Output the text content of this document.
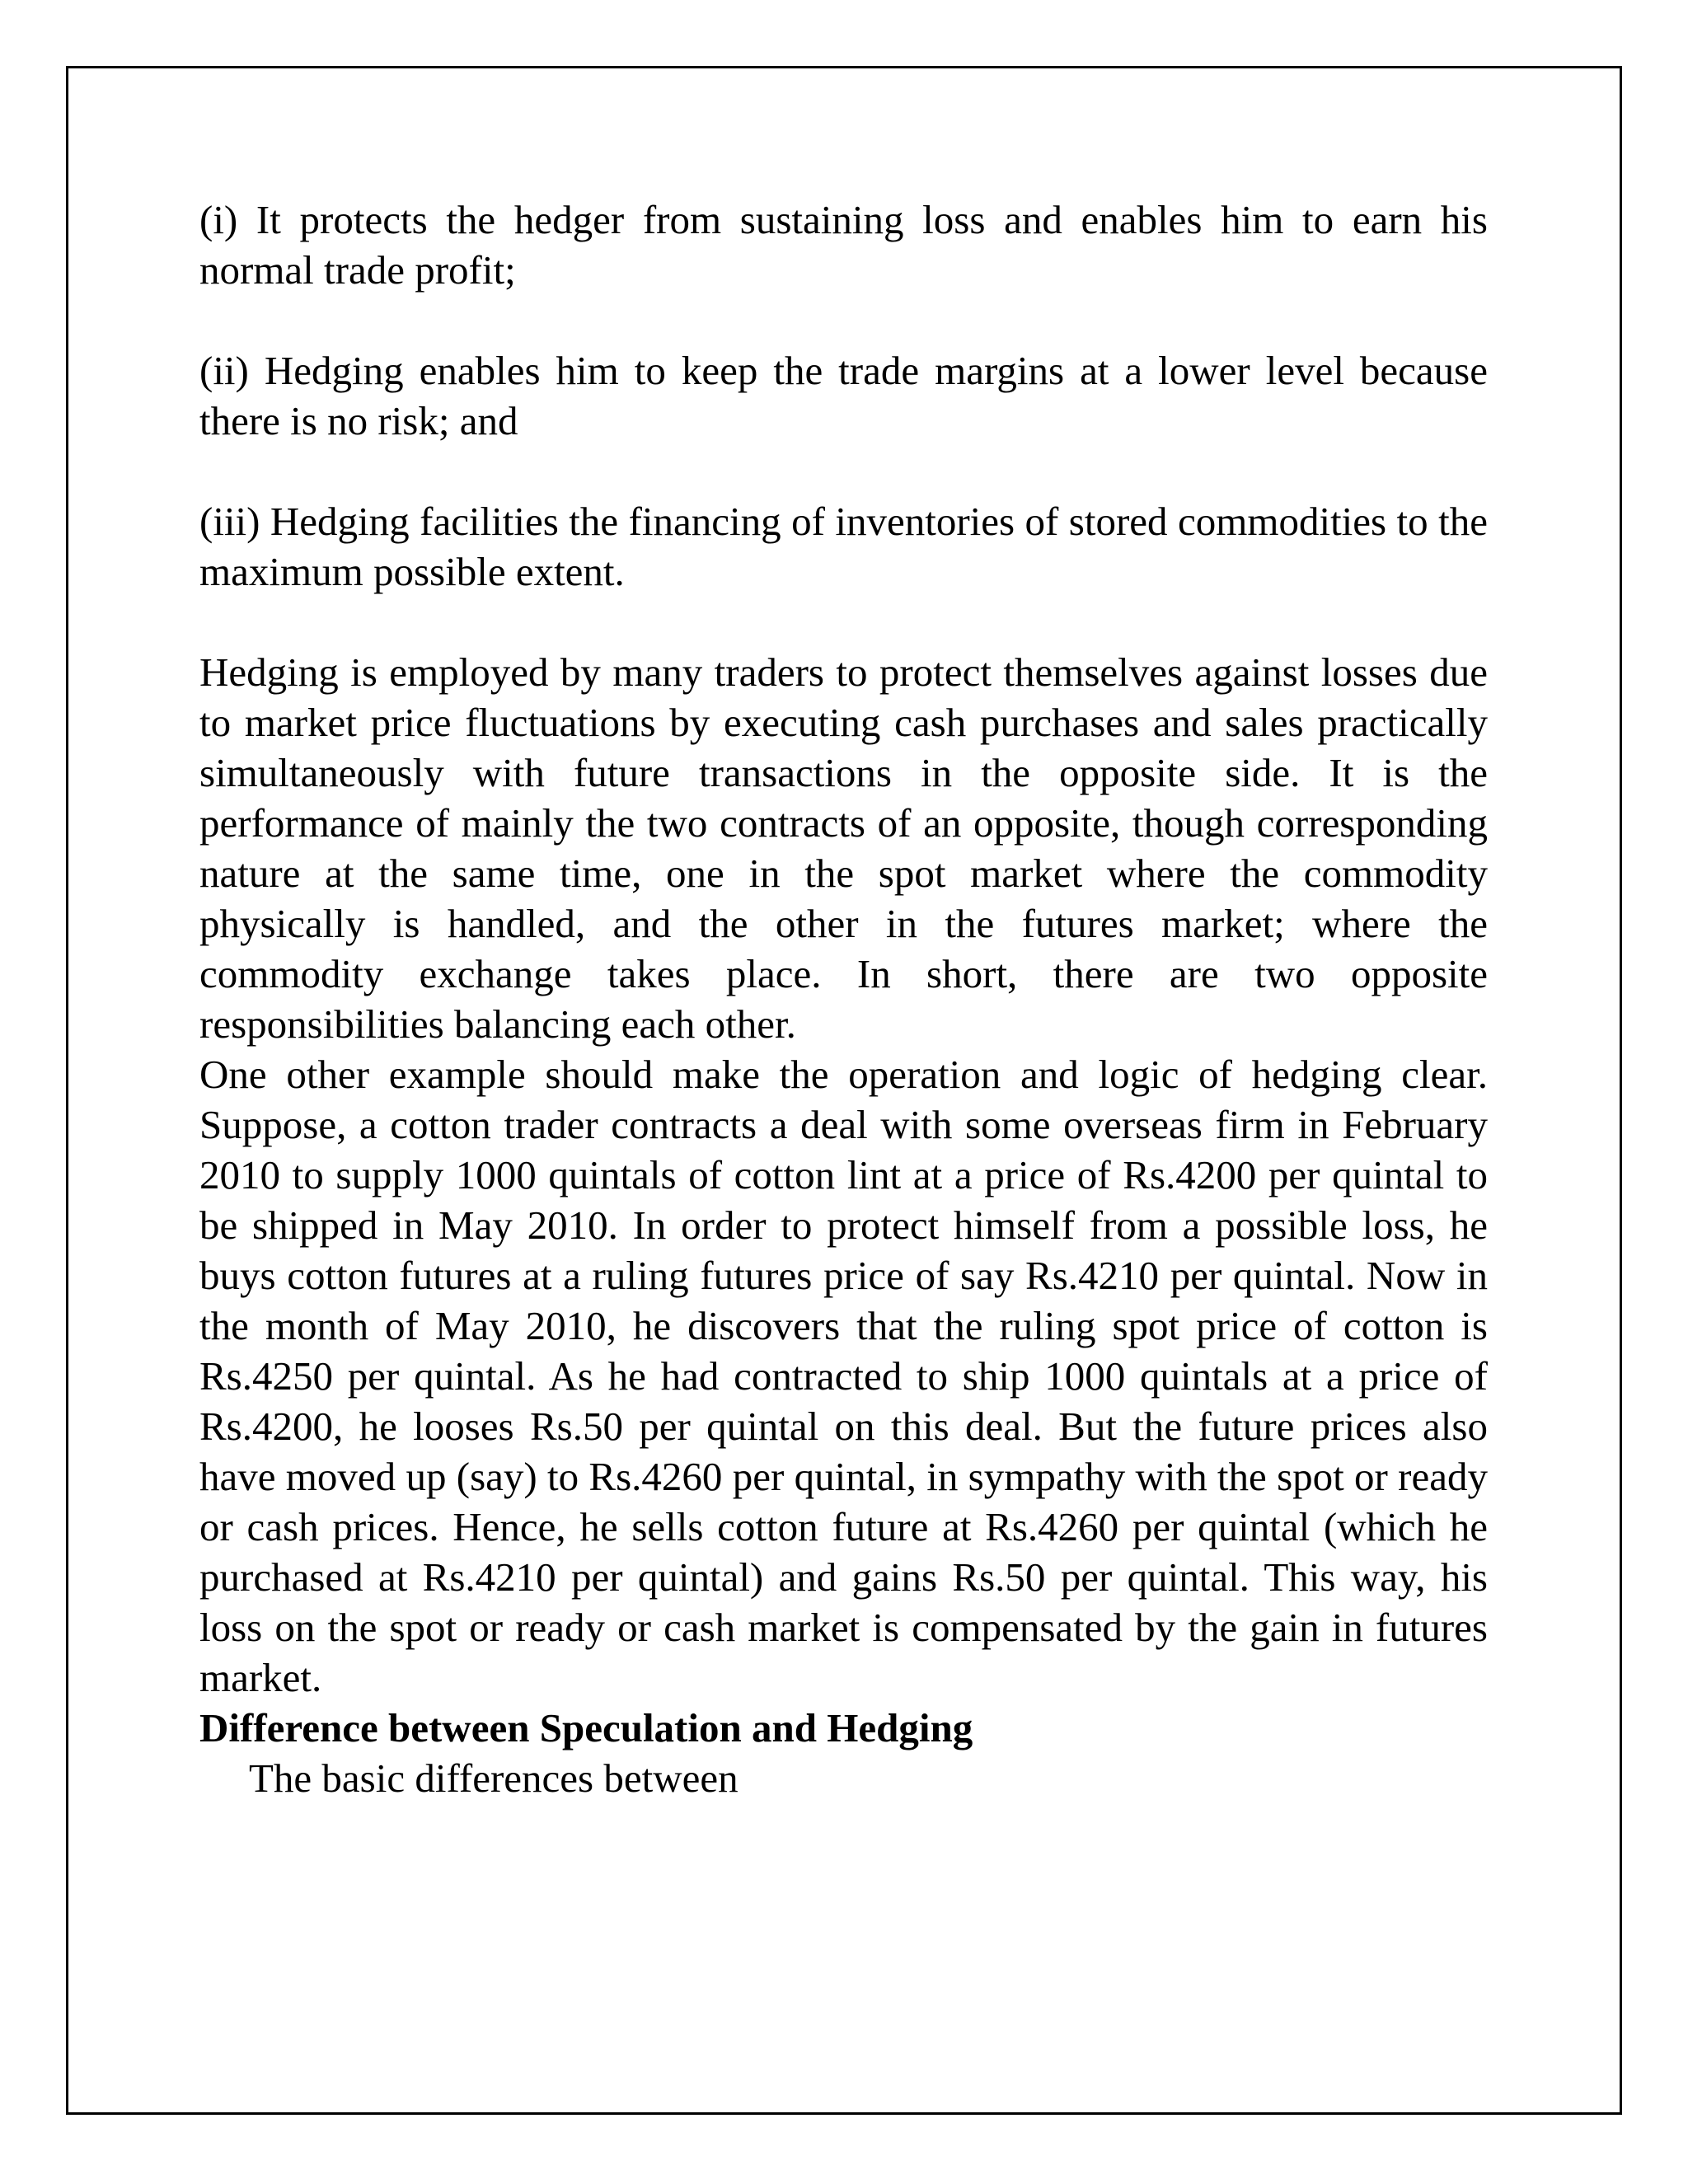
(i) It protects the hedger from sustaining loss and enables him to earn his normal trade profit;

(ii) Hedging enables him to keep the trade margins at a lower level because there is no risk; and

(iii) Hedging facilities the financing of inventories of stored commodities to the maximum possible extent.

Hedging is employed by many traders to protect themselves against losses due to market price fluctuations by executing cash purchases and sales practically simultaneously with future transactions in the opposite side. It is the performance of mainly the two contracts of an opposite, though corresponding nature at the same time, one in the spot market where the commodity physically is handled, and the other in the futures market; where the commodity exchange takes place. In short, there are two opposite responsibilities balancing each other.

One other example should make the operation and logic of hedging clear. Suppose, a cotton trader contracts a deal with some overseas firm in February 2010 to supply 1000 quintals of cotton lint at a price of Rs.4200 per quintal to be shipped in May 2010. In order to protect himself from a possible loss, he buys cotton futures at a ruling futures price of say Rs.4210 per quintal. Now in the month of May 2010, he discovers that the ruling spot price of cotton is Rs.4250 per quintal. As he had contracted to ship 1000 quintals at a price of Rs.4200, he looses Rs.50 per quintal on this deal. But the future prices also have moved up (say) to Rs.4260 per quintal, in sympathy with the spot or ready or cash prices. Hence, he sells cotton future at Rs.4260 per quintal (which he purchased at Rs.4210 per quintal) and gains Rs.50 per quintal. This way, his loss on the spot or ready or cash market is compensated by the gain in futures market.

Difference between Speculation and Hedging

The basic differences between
